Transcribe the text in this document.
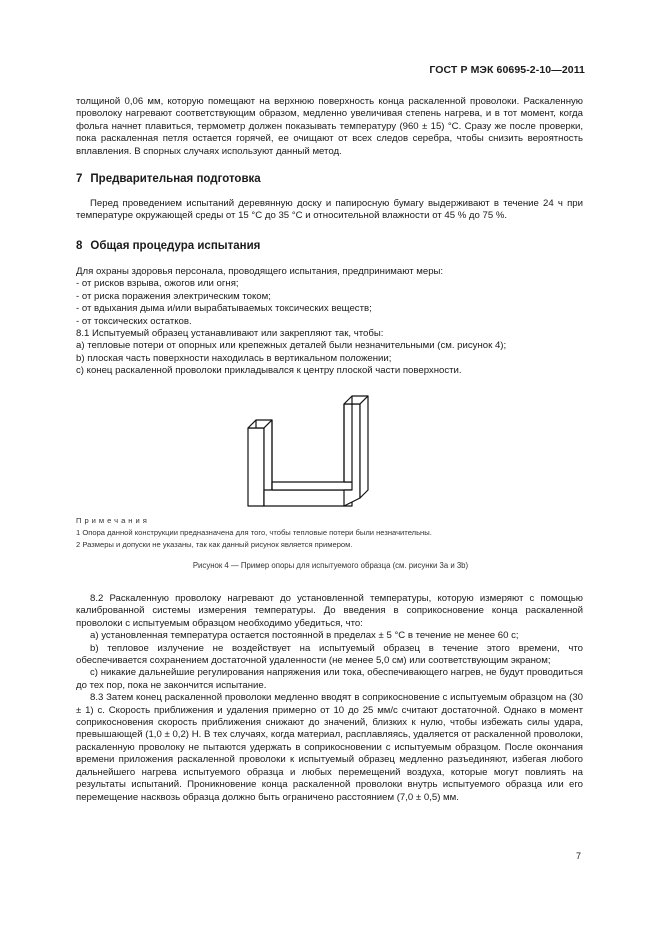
ГОСТ Р МЭК 60695-2-10—2011

толщиной 0,06 мм, которую помещают на верхнюю поверхность конца раскаленной проволоки. Раскаленную проволоку нагревают соответствующим образом, медленно увеличивая степень нагрева, и в тот момент, когда фольга начнет плавиться, термометр должен показывать температуру (960 ± 15) °С. Сразу же после проверки, пока раскаленная петля остается горячей, ее очищают от всех следов серебра, чтобы снизить вероятность вплавления. В спорных случаях используют данный метод.

7 Предварительная подготовка

Перед проведением испытаний деревянную доску и папиросную бумагу выдерживают в течение 24 ч при температуре окружающей среды от 15 °С до 35 °С и относительной влажности от 45 % до 75 %.

8 Общая процедура испытания

Для охраны здоровья персонала, проводящего испытания, предпринимают меры:

- от рисков взрыва, ожогов или огня;

- от риска поражения электрическим током;

- от вдыхания дыма и/или вырабатываемых токсических веществ;

- от токсических остатков.

8.1 Испытуемый образец устанавливают или закрепляют так, чтобы:

a) тепловые потери от опорных или крепежных деталей были незначительными (см. рисунок 4);

b) плоская часть поверхности находилась в вертикальном положении;

c) конец раскаленной проволоки прикладывался к центру плоской части поверхности.

Примечания
1 Опора данной конструкции предназначена для того, чтобы тепловые потери были незначительны.
2 Размеры и допуски не указаны, так как данный рисунок является примером.
Рисунок 4 — Пример опоры для испытуемого образца (см. рисунки 3а и 3b)

8.2 Раскаленную проволоку нагревают до установленной температуры, которую измеряют с помощью калиброванной системы измерения температуры. До введения в соприкосновение конца раскаленной проволоки с испытуемым образцом необходимо убедиться, что:

a) установленная температура остается постоянной в пределах ± 5 °С в течение не менее 60 с;

b) тепловое излучение не воздействует на испытуемый образец в течение этого времени, что обеспечивается сохранением достаточной удаленности (не менее 5,0 см) или соответствующим экраном;

c) никакие дальнейшие регулирования напряжения или тока, обеспечивающего нагрев, не будут проводиться до тех пор, пока не закончится испытание.

8.3 Затем конец раскаленной проволоки медленно вводят в соприкосновение с испытуемым образцом на (30 ± 1) с. Скорость приближения и удаления примерно от 10 до 25 мм/с считают достаточной. Однако в момент соприкосновения скорость приближения снижают до значений, близких к нулю, чтобы избежать силы удара, превышающей (1,0 ± 0,2) Н. В тех случаях, когда материал, расплавляясь, удаляется от раскаленной проволоки, раскаленную проволоку не пытаются удержать в соприкосновении с испытуемым образцом. После окончания времени приложения раскаленной проволоки к испытуемый образец медленно разъединяют, избегая любого дальнейшего нагрева испытуемого образца и любых перемещений воздуха, которые могут повлиять на результаты испытаний. Проникновение конца раскаленной проволоки внутрь испытуемого образца или его перемещение насквозь образца должно быть ограничено расстоянием (7,0 ± 0,5) мм.

7
